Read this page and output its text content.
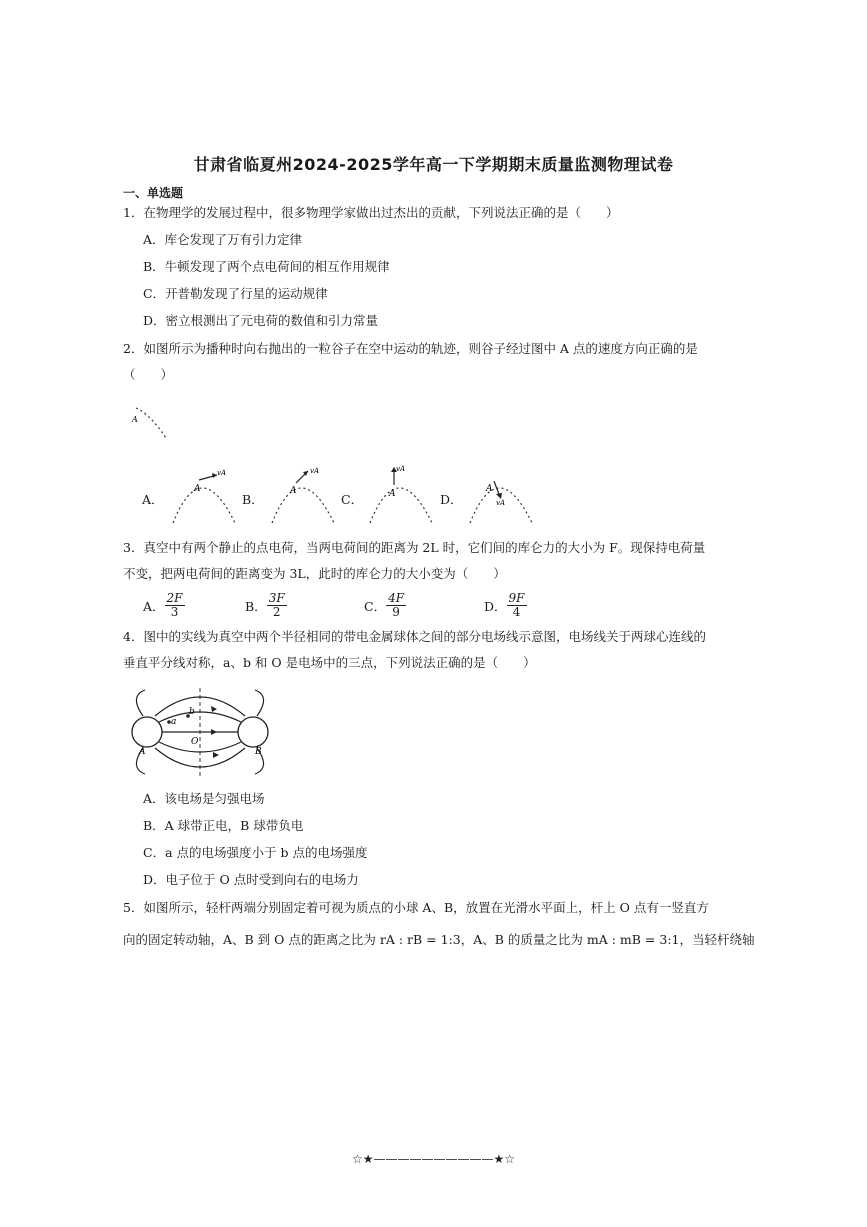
甘肃省临夏州2024-2025学年高一下学期期末质量监测物理试卷
一、单选题
1．在物理学的发展过程中，很多物理学家做出过杰出的贡献，下列说法正确的是（　　）
A．库仑发现了万有引力定律
B．牛顿发现了两个点电荷间的相互作用规律
C．开普勒发现了行星的运动规律
D．密立根测出了元电荷的数值和引力常量
2．如图所示为播种时向右抛出的一粒谷子在空中运动的轨迹，则谷子经过图中 A 点的速度方向正确的是
（　　）
A
A．
A
vA
B．
A
vA
C．	A
vA
D．
A
vA
3．真空中有两个静止的点电荷，当两电荷间的距离为 2L 时，它们间的库仑力的大小为 F。现保持电荷量
不变，把两电荷间的距离变为 3L，此时的库仑力的大小变为（　　）
A． $\frac{2F}{3}$	B． $\frac{3F}{2}$	C． $\frac{4F}{9}$	D． $\frac{9F}{4}$
4．图中的实线为真空中两个半径相同的带电金属球体之间的部分电场线示意图，电场线关于两球心连线的
垂直平分线对称，a、b 和 O 是电场中的三点，下列说法正确的是（　　）
a
b
O
A	B
A．该电场是匀强电场
B．A 球带正电，B 球带负电
C．a 点的电场强度小于 b 点的电场强度
D．电子位于 O 点时受到向右的电场力
5．如图所示，轻杆两端分别固定着可视为质点的小球 A、B，放置在光滑水平面上，杆上 O 点有一竖直方
向的固定转动轴，A、B 到 O 点的距离之比为 rA : rB = 1:3，A、B 的质量之比为 mA : mB = 3:1，当轻杆绕轴
☆★——————————★☆
